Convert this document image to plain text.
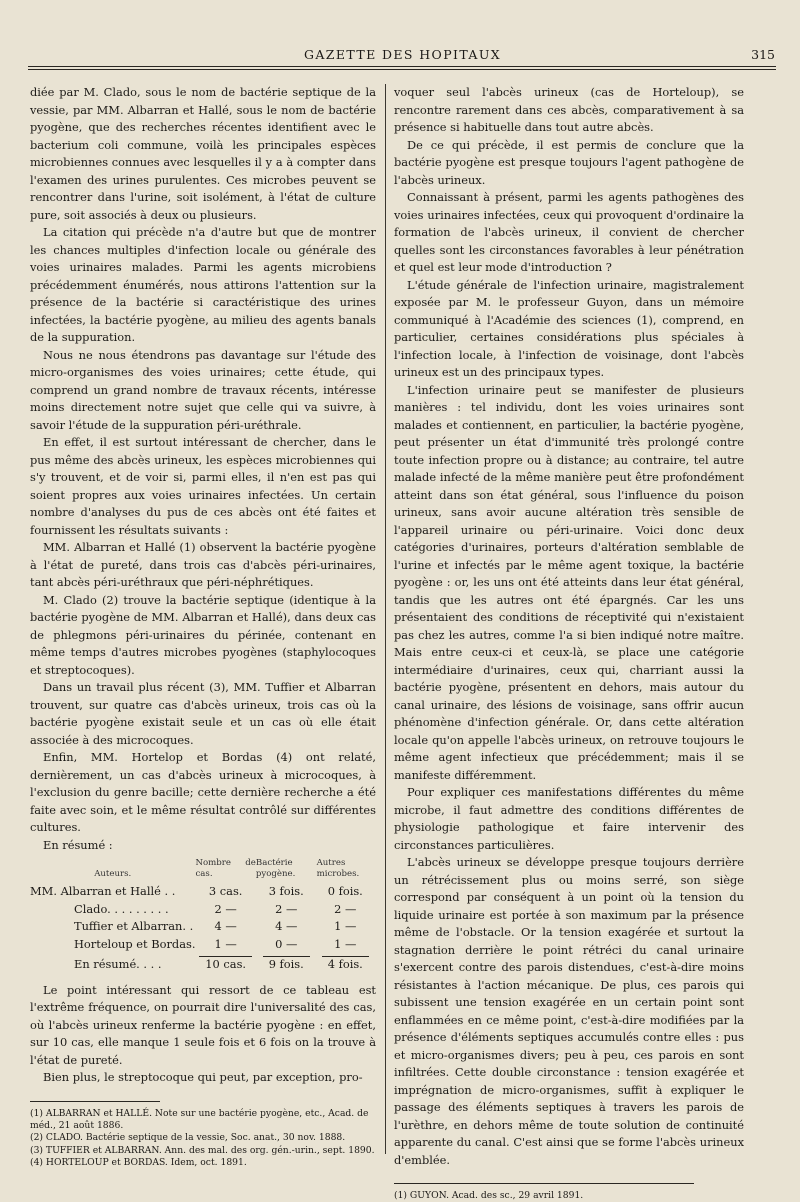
GAZETTE DES HOPITAUX	315

diée par M. Clado, sous le nom de bactérie septique de la vessie, par MM. Albarran et Hallé, sous le nom de bactérie pyogène, que des recherches récentes identifient avec le bacterium coli commune, voilà les principales espèces microbiennes connues avec lesquelles il y a à compter dans l'examen des urines purulentes. Ces microbes peuvent se rencontrer dans l'urine, soit isolément, à l'état de culture pure, soit associés à deux ou plusieurs.

La citation qui précède n'a d'autre but que de montrer les chances multiples d'infection locale ou générale des voies urinaires malades. Parmi les agents microbiens précédemment énumérés, nous attirons l'attention sur la présence de la bactérie si caractéristique des urines infectées, la bactérie pyogène, au milieu des agents banals de la suppuration.

Nous ne nous étendrons pas davantage sur l'étude des micro-organismes des voies urinaires; cette étude, qui comprend un grand nombre de travaux récents, intéresse moins directement notre sujet que celle qui va suivre, à savoir l'étude de la suppuration péri-uréthrale.

En effet, il est surtout intéressant de chercher, dans le pus même des abcès urineux, les espèces microbiennes qui s'y trouvent, et de voir si, parmi elles, il n'en est pas qui soient propres aux voies urinaires infectées. Un certain nombre d'analyses du pus de ces abcès ont été faites et fournissent les résultats suivants :

MM. Albarran et Hallé (1) observent la bactérie pyogène à l'état de pureté, dans trois cas d'abcès péri-urinaires, tant abcès péri-uréthraux que péri-néphrétiques.

M. Clado (2) trouve la bactérie septique (identique à la bactérie pyogène de MM. Albarran et Hallé), dans deux cas de phlegmons péri-urinaires du périnée, contenant en même temps d'autres microbes pyogènes (staphylocoques et streptocoques).

Dans un travail plus récent (3), MM. Tuffier et Albarran trouvent, sur quatre cas d'abcès urineux, trois cas où la bactérie pyogène existait seule et un cas où elle était associée à des microcoques.

Enfin, MM. Hortelop et Bordas (4) ont relaté, dernièrement, un cas d'abcès urineux à microcoques, à l'exclusion du genre bacille; cette dernière recherche a été faite avec soin, et le même résultat contrôlé sur différentes cultures.

En résumé :

Auteurs.	Nombre de cas.	Bactérie pyogène.	Autres microbes.
MM. Albarran et Hallé . .	3 cas.	3 fois.	0 fois.
Clado. . . . . . . . .	2 —	2 —	2 —
Tuffier et Albarran. .	4 —	4 —	1 —
Horteloup et Bordas.	1 —	0 —	1 —
En résumé. . . .	10 cas.	9 fois.	4 fois.

Le point intéressant qui ressort de ce tableau est l'extrême fréquence, on pourrait dire l'universalité des cas, où l'abcès urineux renferme la bactérie pyogène : en effet, sur 10 cas, elle manque 1 seule fois et 6 fois on la trouve à l'état de pureté.

Bien plus, le streptocoque qui peut, par exception, pro-

(1) ALBARRAN et HALLÉ. Note sur une bactérie pyogène, etc., Acad. de méd., 21 août 1886.
(2) CLADO. Bactérie septique de la vessie, Soc. anat., 30 nov. 1888.
(3) TUFFIER et ALBARRAN. Ann. des mal. des org. gén.-urin., sept. 1890.
(4) HORTELOUP et BORDAS. Idem, oct. 1891.

voquer seul l'abcès urineux (cas de Horteloup), se rencontre rarement dans ces abcès, comparativement à sa présence si habituelle dans tout autre abcès.

De ce qui précède, il est permis de conclure que la bactérie pyogène est presque toujours l'agent pathogène de l'abcès urineux.

Connaissant à présent, parmi les agents pathogènes des voies urinaires infectées, ceux qui provoquent d'ordinaire la formation de l'abcès urineux, il convient de chercher quelles sont les circonstances favorables à leur pénétration et quel est leur mode d'introduction ?

L'étude générale de l'infection urinaire, magistralement exposée par M. le professeur Guyon, dans un mémoire communiqué à l'Académie des sciences (1), comprend, en particulier, certaines considérations plus spéciales à l'infection locale, à l'infection de voisinage, dont l'abcès urineux est un des principaux types.

L'infection urinaire peut se manifester de plusieurs manières : tel individu, dont les voies urinaires sont malades et contiennent, en particulier, la bactérie pyogène, peut présenter un état d'immunité très prolongé contre toute infection propre ou à distance; au contraire, tel autre malade infecté de la même manière peut être profondément atteint dans son état général, sous l'influence du poison urineux, sans avoir aucune altération très sensible de l'appareil urinaire ou péri-urinaire. Voici donc deux catégories d'urinaires, porteurs d'altération semblable de l'urine et infectés par le même agent toxique, la bactérie pyogène : or, les uns ont été atteints dans leur état général, tandis que les autres ont été épargnés. Car les uns présentaient des conditions de réceptivité qui n'existaient pas chez les autres, comme l'a si bien indiqué notre maître. Mais entre ceux-ci et ceux-là, se place une catégorie intermédiaire d'urinaires, ceux qui, charriant aussi la bactérie pyogène, présentent en dehors, mais autour du canal urinaire, des lésions de voisinage, sans offrir aucun phénomène d'infection générale. Or, dans cette altération locale qu'on appelle l'abcès urineux, on retrouve toujours le même agent infectieux que précédemment; mais il se manifeste différemment.

Pour expliquer ces manifestations différentes du même microbe, il faut admettre des conditions différentes de physiologie pathologique et faire intervenir des circonstances particulières.

L'abcès urineux se développe presque toujours derrière un rétrécissement plus ou moins serré, son siège correspond par conséquent à un point où la tension du liquide urinaire est portée à son maximum par la présence même de l'obstacle. Or la tension exagérée et surtout la stagnation derrière le point rétréci du canal urinaire s'exercent contre des parois distendues, c'est-à-dire moins résistantes à l'action mécanique. De plus, ces parois qui subissent une tension exagérée en un certain point sont enflammées en ce même point, c'est-à-dire modifiées par la présence d'éléments septiques accumulés contre elles : pus et micro-organismes divers; peu à peu, ces parois en sont infiltrées. Cette double circonstance : tension exagérée et imprégnation de micro-organismes, suffit à expliquer le passage des éléments septiques à travers les parois de l'urèthre, en dehors même de toute solution de continuité apparente du canal. C'est ainsi que se forme l'abcès urineux d'emblée.

(1) GUYON. Acad. des sc., 29 avril 1891.
